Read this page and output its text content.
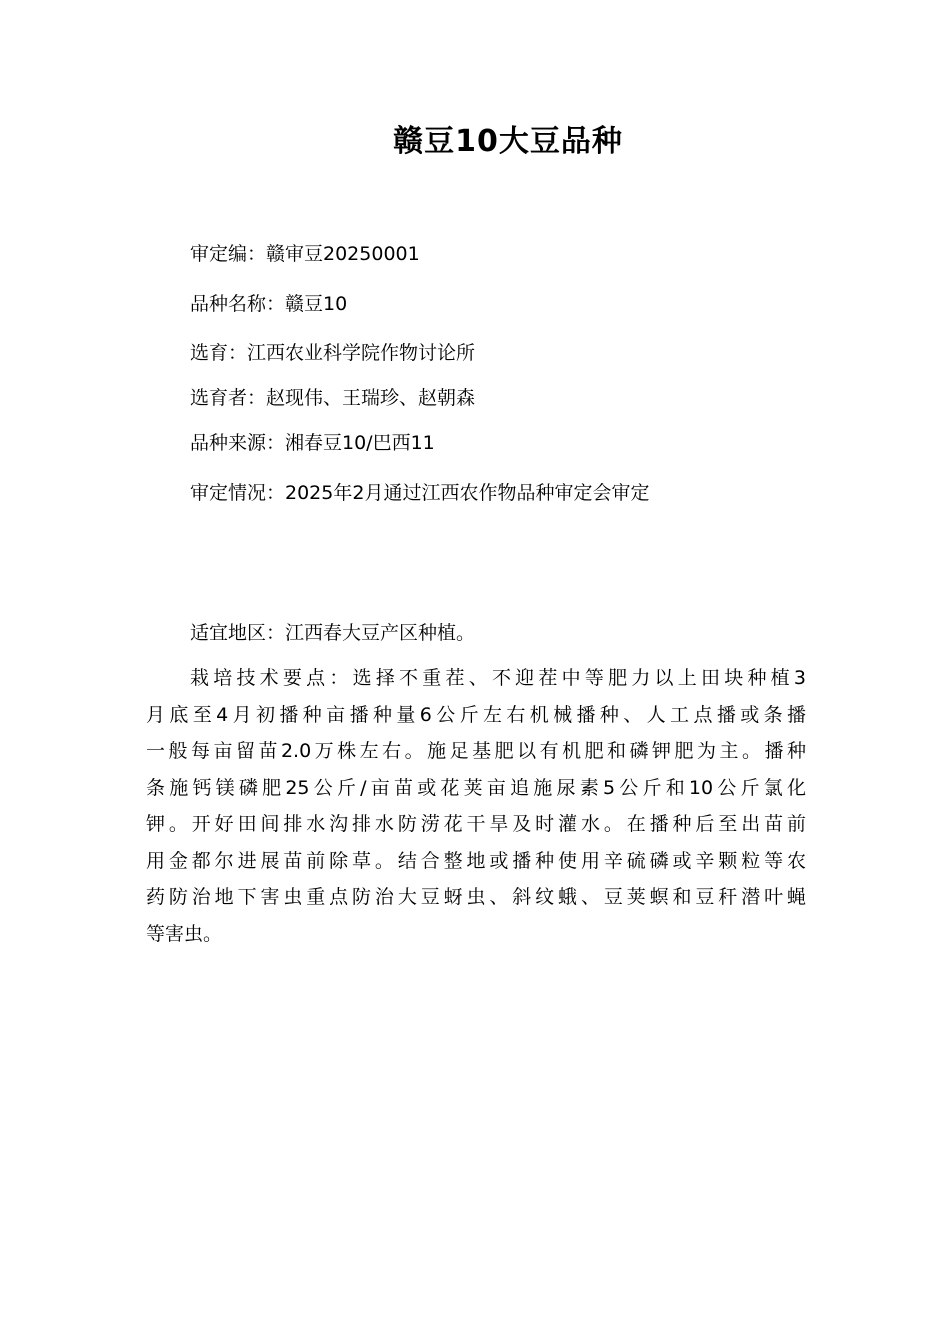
赣豆10大豆品种
审定编：赣审豆20250001
品种名称：赣豆10
选育：江西农业科学院作物讨论所
选育者：赵现伟、王瑞珍、赵朝森
品种来源：湘春豆10/巴西11
审定情况：2025年2月通过江西农作物品种审定会审定
适宜地区：江西春大豆产区种植。
栽培技术要点：选择不重茬、不迎茬中等肥力以上田块种植3
月底至4月初播种亩播种量6公斤左右机械播种、人工点播或条播
一般每亩留苗2.0万株左右。施足基肥以有机肥和磷钾肥为主。播种
条施钙镁磷肥25公斤/亩苗或花荚亩追施尿素5公斤和10公斤氯化
钾。开好田间排水沟排水防涝花干旱及时灌水。在播种后至出苗前
用金都尔进展苗前除草。结合整地或播种使用辛硫磷或辛颗粒等农
药防治地下害虫重点防治大豆蚜虫、斜纹蛾、豆荚螟和豆秆潜叶蝇
等害虫。
